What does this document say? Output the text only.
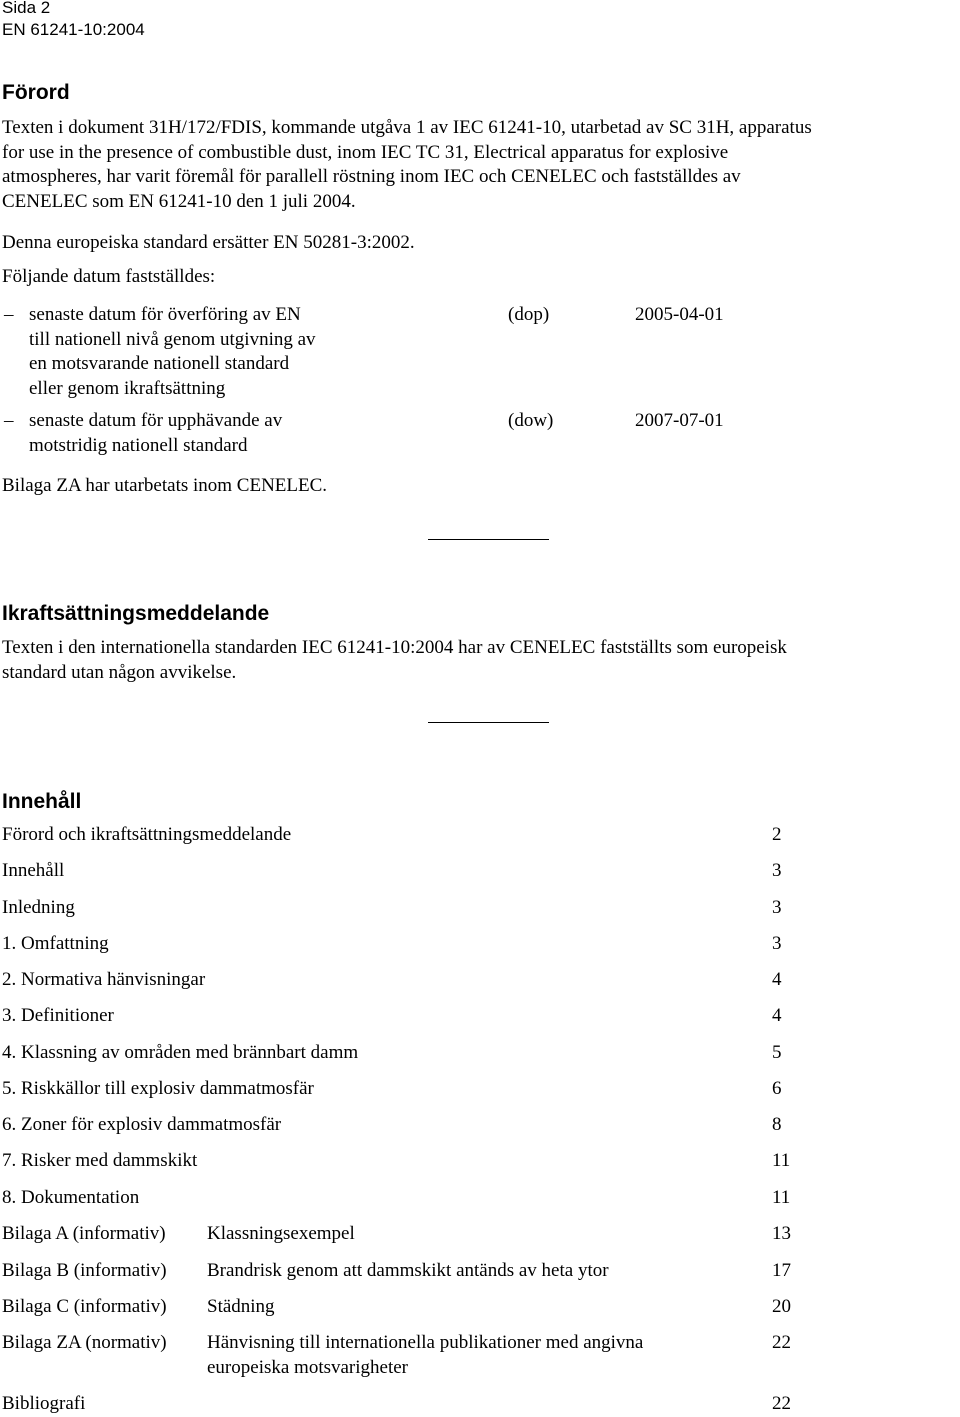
Sida 2
EN 61241-10:2004
Förord
Texten i dokument 31H/172/FDIS, kommande utgåva 1 av IEC 61241-10, utarbetad av SC 31H, apparatus
for use in the presence of combustible dust, inom IEC TC 31, Electrical apparatus for explosive
atmospheres, har varit föremål för parallell röstning inom IEC och CENELEC och fastställdes av
CENELEC som EN 61241-10 den 1 juli 2004.
Denna europeiska standard ersätter EN 50281-3:2002.
Följande datum fastställdes:
– senaste datum för överföring av EN
till nationell nivå genom utgivning av
en motsvarande nationell standard
eller genom ikraftsättning
(dop)	2005-04-01
– senaste datum för upphävande av
motstridig nationell standard
(dow)	2007-07-01
Bilaga ZA har utarbetats inom CENELEC.
Ikraftsättningsmeddelande
Texten i den internationella standarden IEC 61241-10:2004 har av CENELEC fastställts som europeisk
standard utan någon avvikelse.
Innehåll
Förord och ikraftsättningsmeddelande	2
Innehåll	3
Inledning	3
1. Omfattning	3
2. Normativa hänvisningar	4
3. Definitioner	4
4. Klassning av områden med brännbart damm	5
5. Riskkällor till explosiv dammatmosfär	6
6. Zoner för explosiv dammatmosfär	8
7. Risker med dammskikt	11
8. Dokumentation	11
Bilaga A (informativ) Klassningsexempel	13
Bilaga B (informativ) Brandrisk genom att dammskikt antänds av heta ytor	17
Bilaga C (informativ) Städning	20
Bilaga ZA (normativ) Hänvisning till internationella publikationer med angivna
europeiska motsvarigheter
22
Bibliografi	22
